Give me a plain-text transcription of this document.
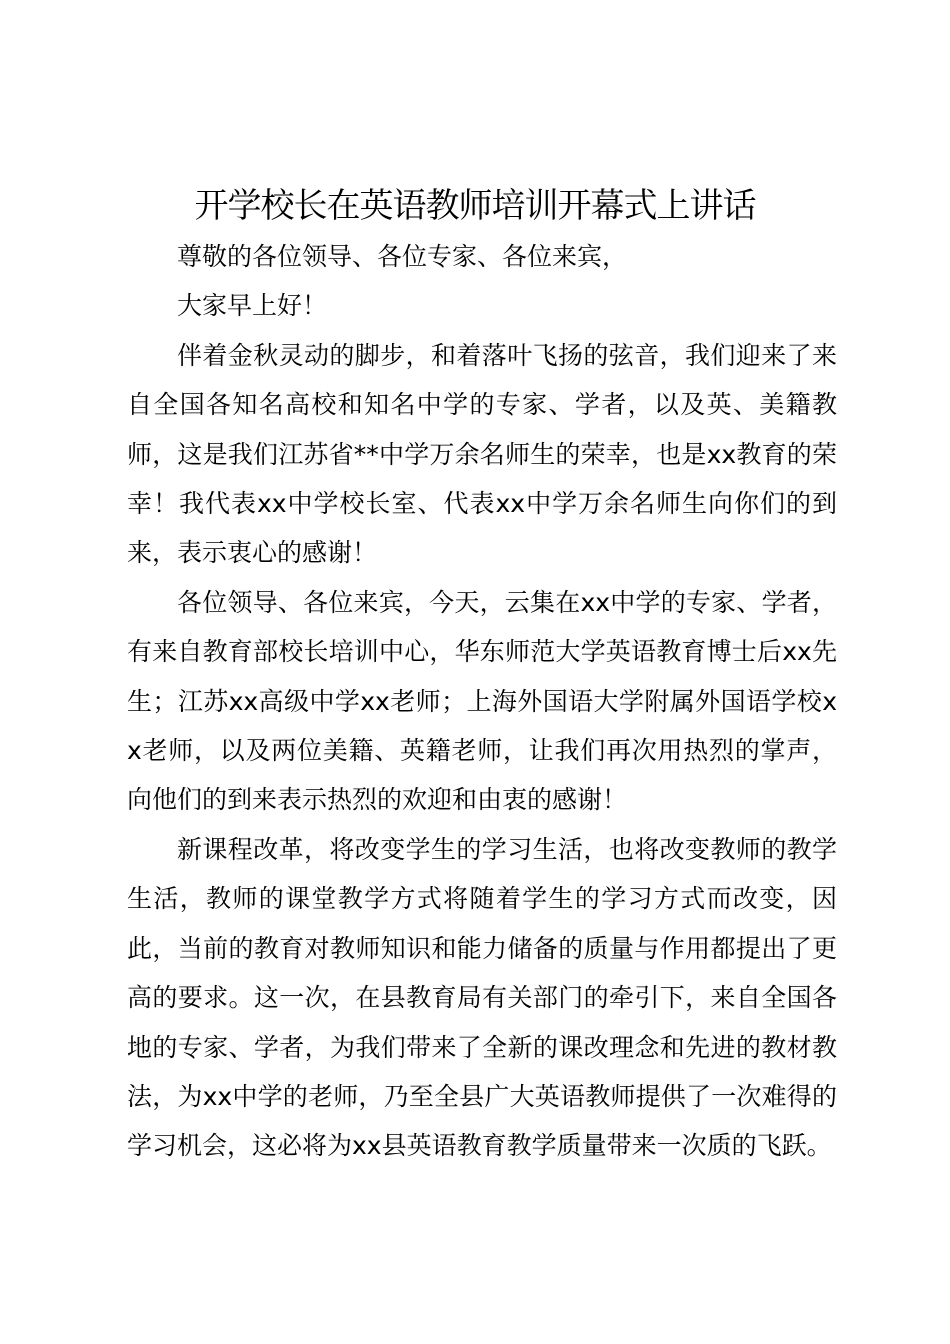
开学校长在英语教师培训开幕式上讲话

尊敬的各位领导、各位专家、各位来宾，

大家早上好！

伴着金秋灵动的脚步，和着落叶飞扬的弦音，我们迎来了来自全国各知名高校和知名中学的专家、学者，以及英、美籍教师，这是我们江苏省**中学万余名师生的荣幸，也是xx教育的荣幸！我代表xx中学校长室、代表xx中学万余名师生向你们的到来，表示衷心的感谢！

各位领导、各位来宾，今天，云集在xx中学的专家、学者，有来自教育部校长培训中心，华东师范大学英语教育博士后xx先生；江苏xx高级中学xx老师；上海外国语大学附属外国语学校xx老师，以及两位美籍、英籍老师，让我们再次用热烈的掌声，向他们的到来表示热烈的欢迎和由衷的感谢！

新课程改革，将改变学生的学习生活，也将改变教师的教学生活，教师的课堂教学方式将随着学生的学习方式而改变，因此，当前的教育对教师知识和能力储备的质量与作用都提出了更高的要求。这一次，在县教育局有关部门的牵引下，来自全国各地的专家、学者，为我们带来了全新的课改理念和先进的教材教法，为xx中学的老师，乃至全县广大英语教师提供了一次难得的学习机会，这必将为xx县英语教育教学质量带来一次质的飞跃。
